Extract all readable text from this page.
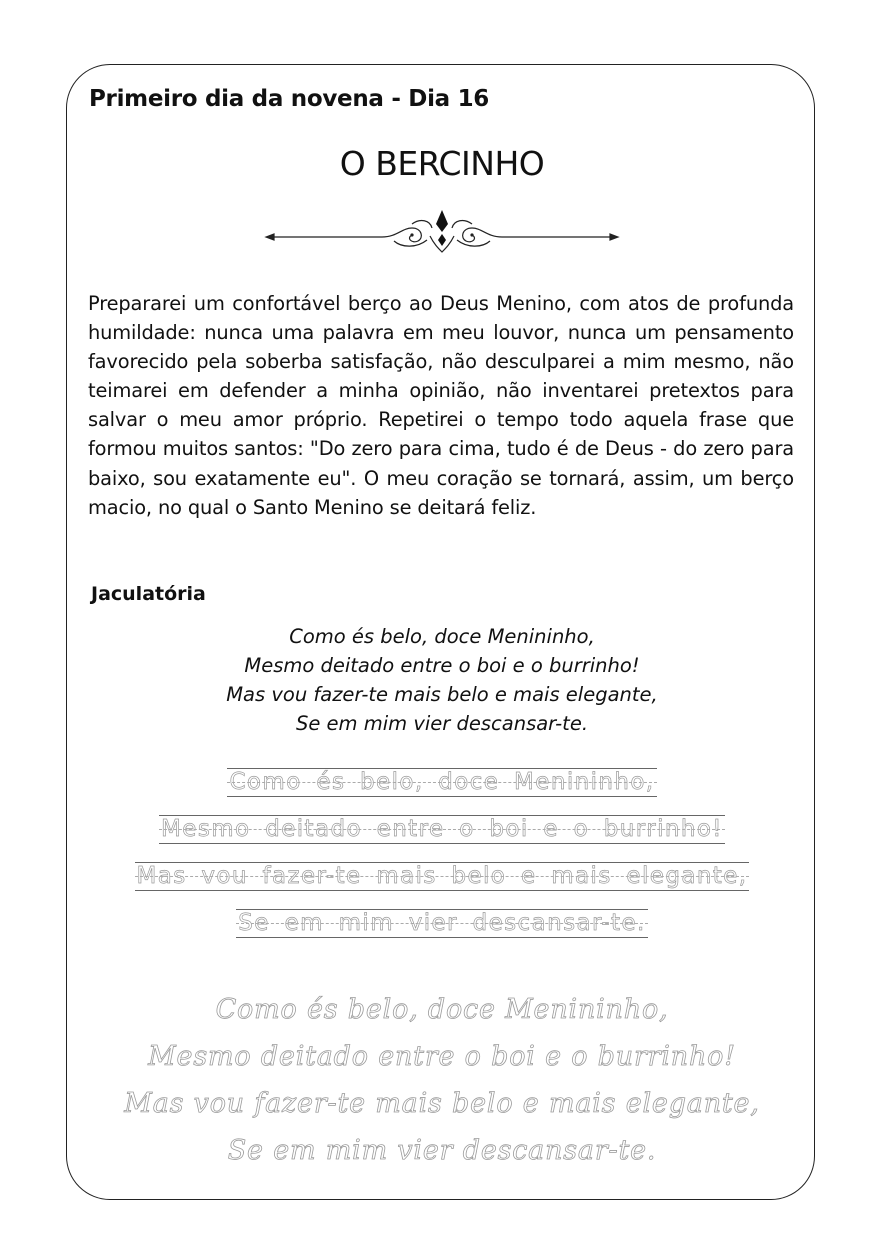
Primeiro dia da novena - Dia 16
O BERCINHO
Prepararei um confortável berço ao Deus Menino, com atos de profunda humildade: nunca uma palavra em meu louvor, nunca um pensamento favorecido pela soberba satisfação, não desculparei a mim mesmo, não teimarei em defender a minha opinião, não inventarei pretextos para salvar o meu amor próprio. Repetirei o tempo todo aquela frase que formou muitos santos: "Do zero para cima, tudo é de Deus - do zero para baixo, sou exatamente eu". O meu coração se tornará, assim, um berço macio, no qual o Santo Menino se deitará feliz.
Jaculatória
Como és belo, doce Menininho,
Mesmo deitado entre o boi e o burrinho!
Mas vou fazer-te mais belo e mais elegante,
Se em mim vier descansar-te.
Como és belo, doce Menininho,
Mesmo deitado entre o boi e o burrinho!
Mas vou fazer-te mais belo e mais elegante,
Se em mim vier descansar-te.
Como és belo, doce Menininho,
Mesmo deitado entre o boi e o burrinho!
Mas vou fazer-te mais belo e mais elegante,
Se em mim vier descansar-te.
